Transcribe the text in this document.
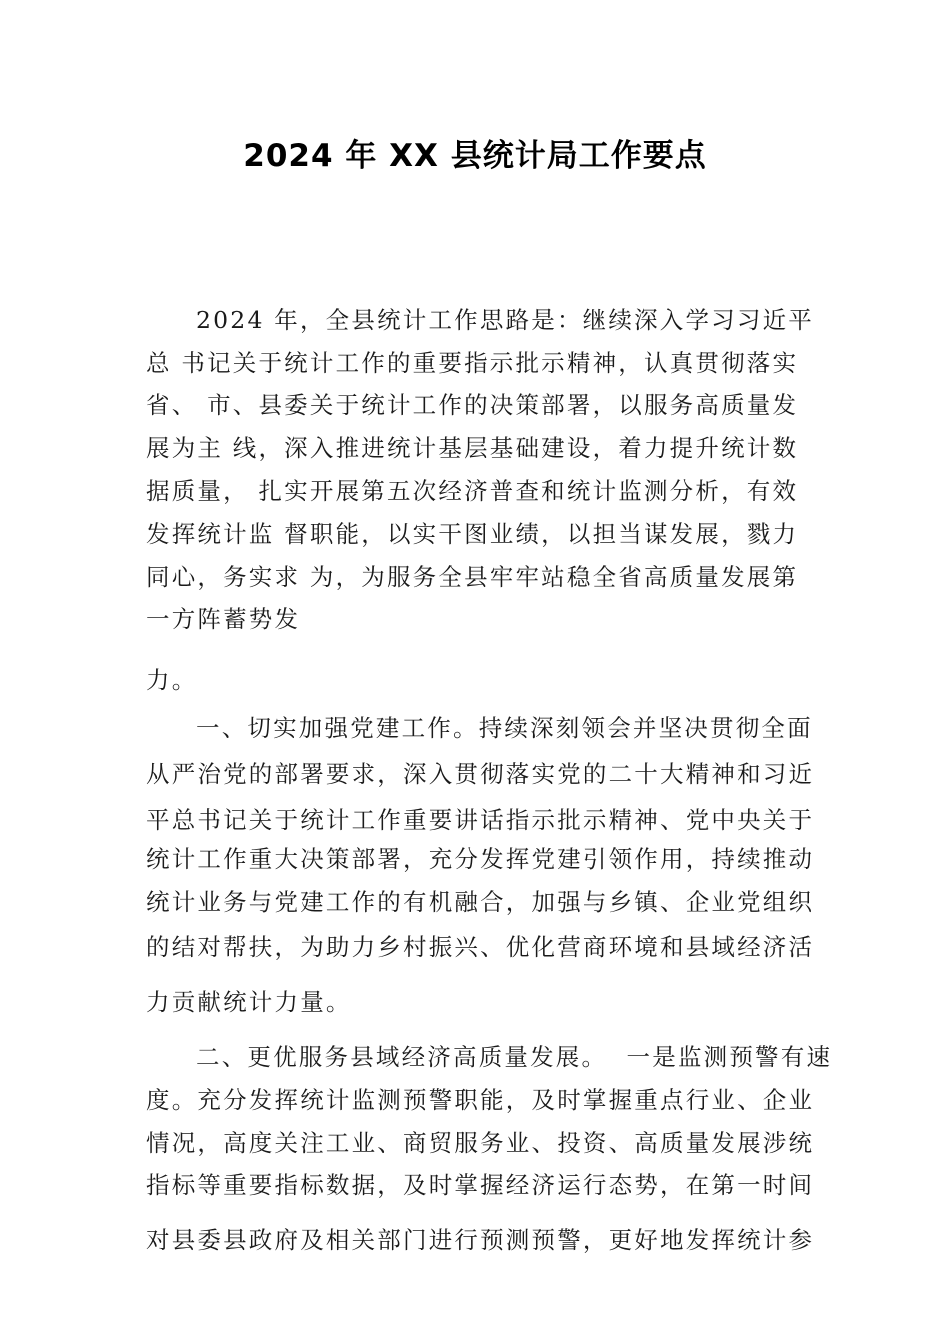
2024 年 XX 县统计局工作要点

2024 年，全县统计工作思路是：继续深入学习习近平

总 书记关于统计工作的重要指示批示精神，认真贯彻落实

省、 市、县委关于统计工作的决策部署，以服务高质量发

展为主 线，深入推进统计基层基础建设，着力提升统计数

据质量， 扎实开展第五次经济普查和统计监测分析，有效

发挥统计监 督职能，以实干图业绩，以担当谋发展，戮力

同心，务实求 为，为服务全县牢牢站稳全省高质量发展第

一方阵蓄势发

力。

一、切实加强党建工作。持续深刻领会并坚决贯彻全面

从严治党的部署要求，深入贯彻落实党的二十大精神和习近

平总书记关于统计工作重要讲话指示批示精神、党中央关于

统计工作重大决策部署，充分发挥党建引领作用，持续推动

统计业务与党建工作的有机融合，加强与乡镇、企业党组织

的结对帮扶，为助力乡村振兴、优化营商环境和县域经济活

力贡献统计力量。

二、更优服务县域经济高质量发展。  一是监测预警有速

度。充分发挥统计监测预警职能，及时掌握重点行业、企业

情况，高度关注工业、商贸服务业、投资、高质量发展涉统

指标等重要指标数据，及时掌握经济运行态势，在第一时间

对县委县政府及相关部门进行预测预警，更好地发挥统计参
